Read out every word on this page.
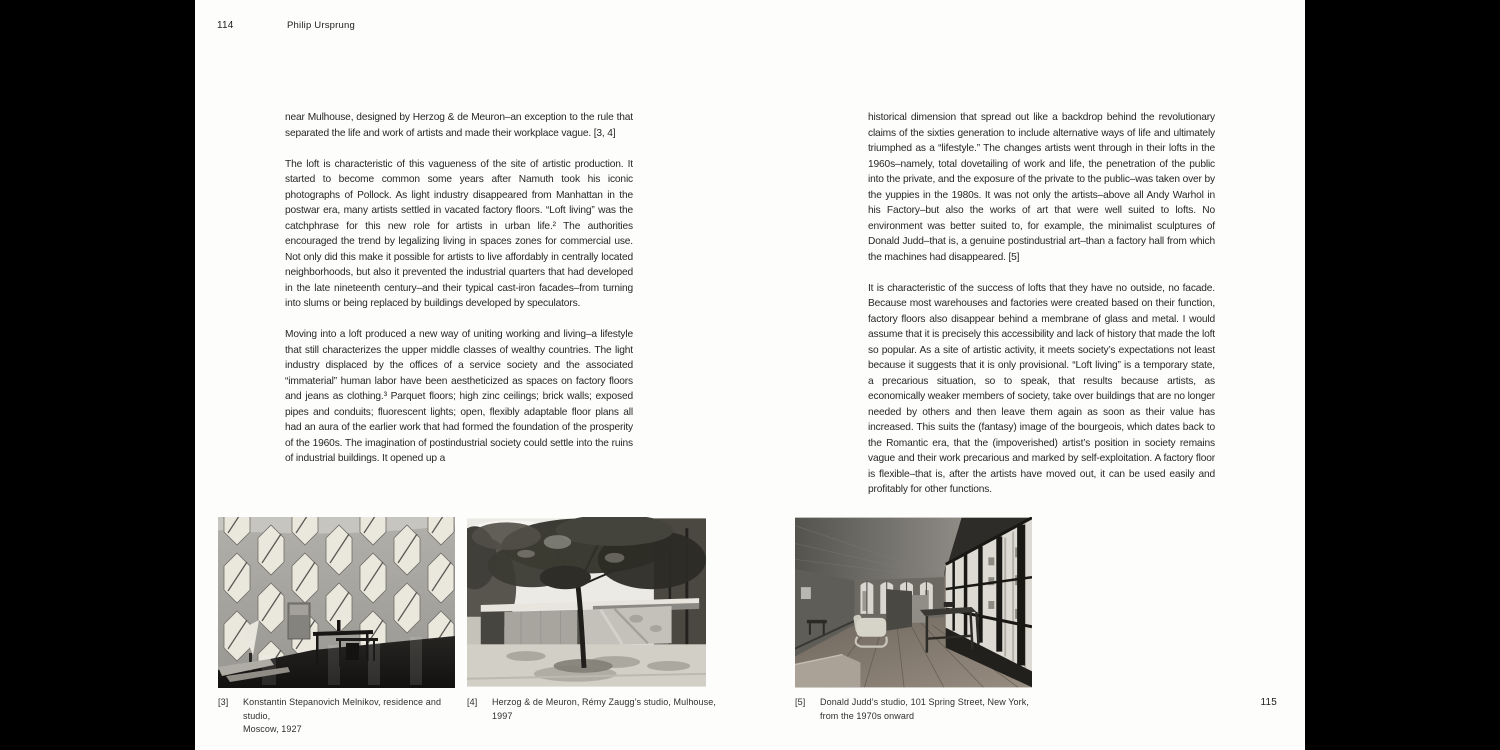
114	Philip Ursprung

near Mulhouse, designed by Herzog & de Meuron–an exception to the rule that separated the life and work of artists and made their workplace vague. [3, 4]

The loft is characteristic of this vagueness of the site of artistic production. It started to become common some years after Namuth took his iconic photographs of Pollock. As light industry disappeared from Manhattan in the postwar era, many artists settled in vacated factory floors. “Loft living” was the catchphrase for this new role for artists in urban life.² The authorities encouraged the trend by legalizing living in spaces zones for commercial use. Not only did this make it possible for artists to live affordably in centrally located neighborhoods, but also it prevented the industrial quarters that had developed in the late nineteenth century–and their typical cast-iron facades–from turning into slums or being replaced by buildings developed by speculators.

Moving into a loft produced a new way of uniting working and living–a lifestyle that still characterizes the upper middle classes of wealthy countries. The light industry displaced by the offices of a service society and the associated “immaterial” human labor have been aestheticized as spaces on factory floors and jeans as clothing.³ Parquet floors; high zinc ceilings; brick walls; exposed pipes and conduits; fluorescent lights; open, flexibly adaptable floor plans all had an aura of the earlier work that had formed the foundation of the prosperity of the 1960s. The imagination of postindustrial society could settle into the ruins of industrial buildings. It opened up a

historical dimension that spread out like a backdrop behind the revolutionary claims of the sixties generation to include alternative ways of life and ultimately triumphed as a “lifestyle.” The changes artists went through in their lofts in the 1960s–namely, total dovetailing of work and life, the penetration of the public into the private, and the exposure of the private to the public–was taken over by the yuppies in the 1980s. It was not only the artists–above all Andy Warhol in his Factory–but also the works of art that were well suited to lofts. No environment was better suited to, for example, the minimalist sculptures of Donald Judd–that is, a genuine postindustrial art–than a factory hall from which the machines had disappeared. [5]

It is characteristic of the success of lofts that they have no outside, no facade. Because most warehouses and factories were created based on their function, factory floors also disappear behind a membrane of glass and metal. I would assume that it is precisely this accessibility and lack of history that made the loft so popular. As a site of artistic activity, it meets society’s expectations not least because it suggests that it is only provisional. “Loft living” is a temporary state, a precarious situation, so to speak, that results because artists, as economically weaker members of society, take over buildings that are no longer needed by others and then leave them again as soon as their value has increased. This suits the (fantasy) image of the bourgeois, which dates back to the Romantic era, that the (impoverished) artist’s position in society remains vague and their work precarious and marked by self-exploitation. A factory floor is flexible–that is, after the artists have moved out, it can be used easily and profitably for other functions.

[3]	Konstantin Stepanovich Melnikov, residence and studio,
Moscow, 1927
[4]	Herzog & de Meuron, Rémy Zaugg’s studio, Mulhouse, 1997
[5]	Donald Judd’s studio, 101 Spring Street, New York,
from the 1970s onward
115
